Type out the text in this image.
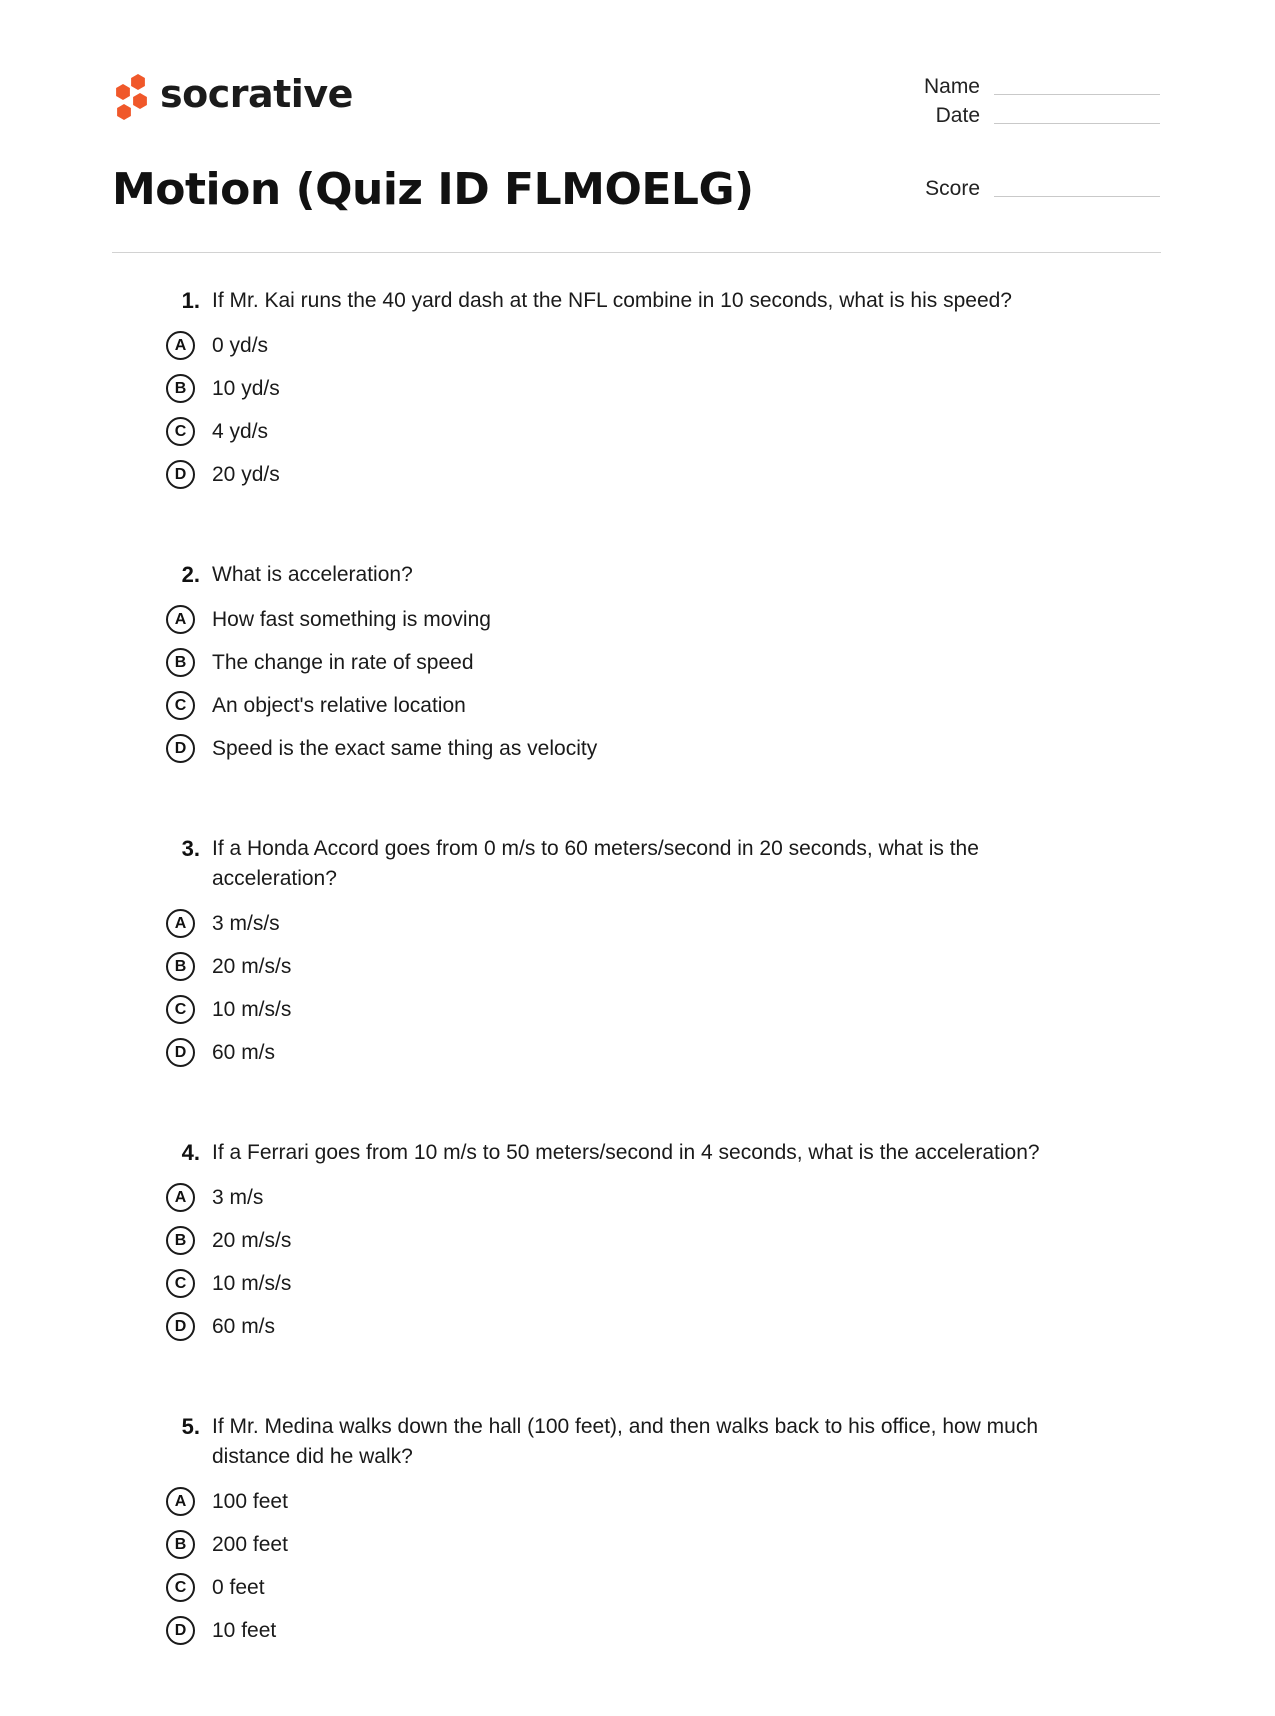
socrative
Motion (Quiz ID FLMOELG)
Name
Date
Score
1. If Mr. Kai runs the 40 yard dash at the NFL combine in 10 seconds, what is his speed?
A	0 yd/s
B	10 yd/s
C	4 yd/s
D	20 yd/s
2. What is acceleration?
A	How fast something is moving
B	The change in rate of speed
C	An object's relative location
D	Speed is the exact same thing as velocity
3. If a Honda Accord goes from 0 m/s to 60 meters/second in 20 seconds, what is the acceleration?
A	3 m/s/s
B	20 m/s/s
C	10 m/s/s
D	60 m/s
4. If a Ferrari goes from 10 m/s to 50 meters/second in 4 seconds, what is the acceleration?
A	3 m/s
B	20 m/s/s
C	10 m/s/s
D	60 m/s
5. If Mr. Medina walks down the hall (100 feet), and then walks back to his office, how much distance did he walk?
A	100 feet
B	200 feet
C	0 feet
D	10 feet
